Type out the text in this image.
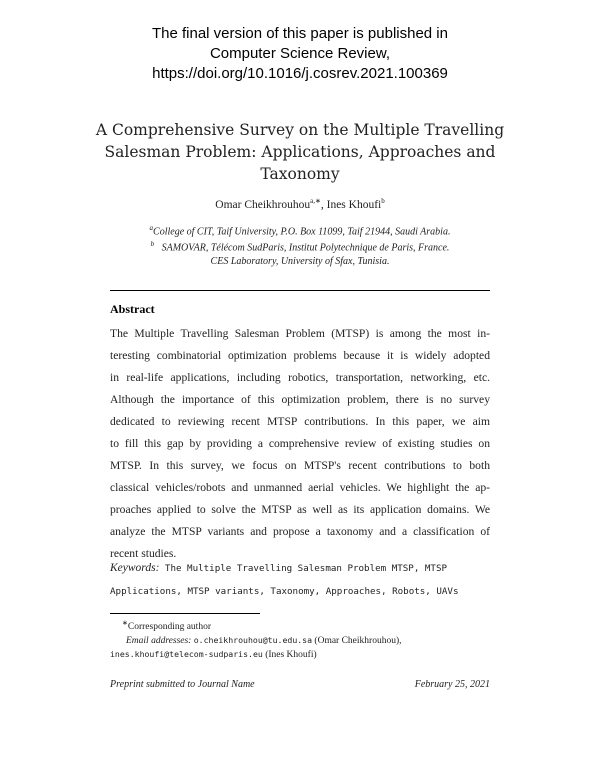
The final version of this paper is published in
Computer Science Review,
https://doi.org/10.1016/j.cosrev.2021.100369
A Comprehensive Survey on the Multiple Travelling
Salesman Problem: Applications, Approaches and
Taxonomy
Omar Cheikhrouhou$^{a,∗}$, Ines Khoufi$^b$
$^a$College of CIT, Taif University, P.O. Box 11099, Taif 21944, Saudi Arabia.
$^b$ SAMOVAR, Télécom SudParis, Institut Polytechnique de Paris, France.
CES Laboratory, University of Sfax, Tunisia.
Abstract
The Multiple Travelling Salesman Problem (MTSP) is among the most in-
teresting combinatorial optimization problems because it is widely adopted
in real-life applications, including robotics, transportation, networking, etc.
Although the importance of this optimization problem, there is no survey
dedicated to reviewing recent MTSP contributions. In this paper, we aim
to fill this gap by providing a comprehensive review of existing studies on
MTSP. In this survey, we focus on MTSP's recent contributions to both
classical vehicles/robots and unmanned aerial vehicles. We highlight the ap-
proaches applied to solve the MTSP as well as its application domains. We
analyze the MTSP variants and propose a taxonomy and a classification of
recent studies.
Keywords: The Multiple Travelling Salesman Problem MTSP, MTSP
Applications, MTSP variants, Taxonomy, Approaches, Robots, UAVs
∗Corresponding author
Email addresses: o.cheikhrouhou@tu.edu.sa (Omar Cheikhrouhou),
ines.khoufi@telecom-sudparis.eu (Ines Khoufi)
Preprint submitted to Journal Name	February 25, 2021
